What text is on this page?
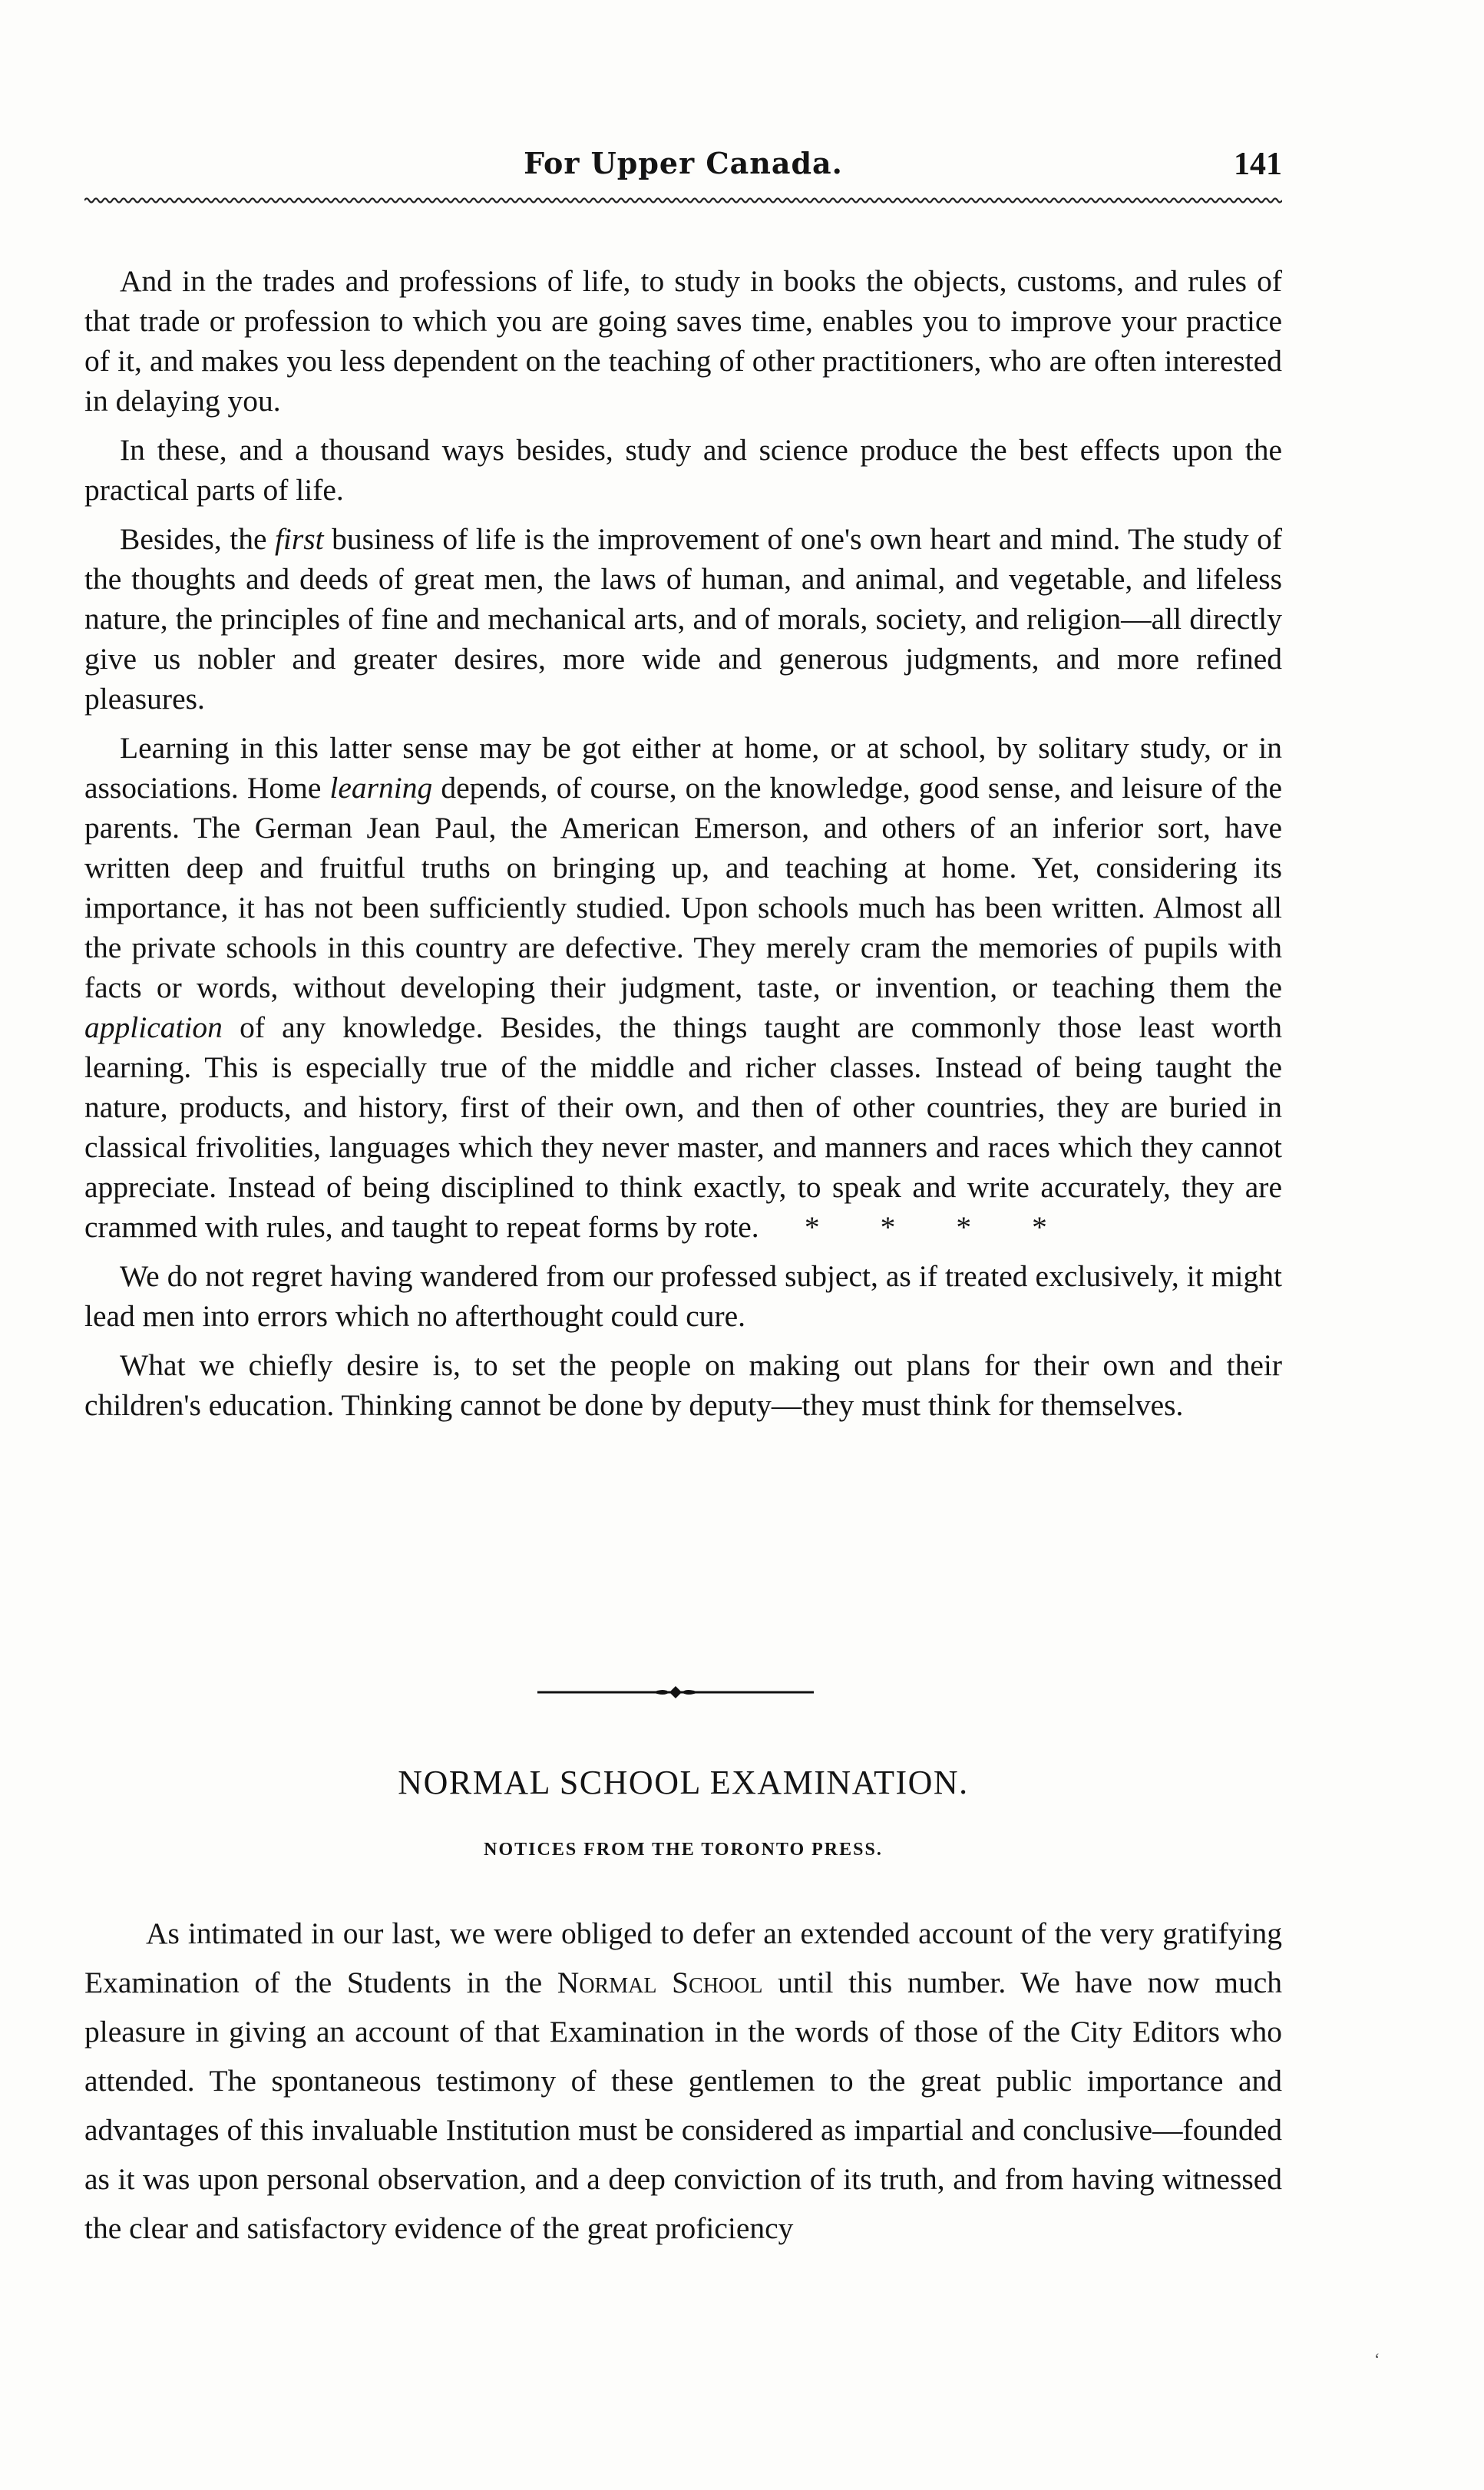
For Upper Canada.	141

And in the trades and professions of life, to study in books the objects, customs, and rules of that trade or profession to which you are going saves time, enables you to improve your practice of it, and makes you less dependent on the teaching of other practitioners, who are often interested in delaying you.

In these, and a thousand ways besides, study and science produce the best effects upon the practical parts of life.

Besides, the first business of life is the improvement of one's own heart and mind. The study of the thoughts and deeds of great men, the laws of human, and animal, and vegetable, and lifeless nature, the principles of fine and mechanical arts, and of morals, society, and religion—all directly give us nobler and greater desires, more wide and generous judgments, and more refined pleasures.

Learning in this latter sense may be got either at home, or at school, by solitary study, or in associations. Home learning depends, of course, on the knowledge, good sense, and leisure of the parents. The German Jean Paul, the American Emerson, and others of an inferior sort, have written deep and fruitful truths on bringing up, and teaching at home. Yet, considering its importance, it has not been sufficiently studied. Upon schools much has been written. Almost all the private schools in this country are defective. They merely cram the memories of pupils with facts or words, without developing their judgment, taste, or invention, or teaching them the application of any knowledge. Besides, the things taught are commonly those least worth learning. This is especially true of the middle and richer classes. Instead of being taught the nature, products, and history, first of their own, and then of other countries, they are buried in classical frivolities, languages which they never master, and manners and races which they cannot appreciate. Instead of being disciplined to think exactly, to speak and write accurately, they are crammed with rules, and taught to repeat forms by rote.      *        *        *        *

We do not regret having wandered from our professed subject, as if treated exclusively, it might lead men into errors which no afterthought could cure.

What we chiefly desire is, to set the people on making out plans for their own and their children's education. Thinking cannot be done by deputy—they must think for themselves.

NORMAL SCHOOL EXAMINATION.
NOTICES FROM THE TORONTO PRESS.

As intimated in our last, we were obliged to defer an extended account of the very gratifying Examination of the Students in the Normal School until this number. We have now much pleasure in giving an account of that Examination in the words of those of the City Editors who attended. The spontaneous testimony of these gentlemen to the great public importance and advantages of this invaluable Institution must be considered as impartial and conclusive—founded as it was upon personal observation, and a deep conviction of its truth, and from having witnessed the clear and satisfactory evidence of the great proficiency

ʻ
